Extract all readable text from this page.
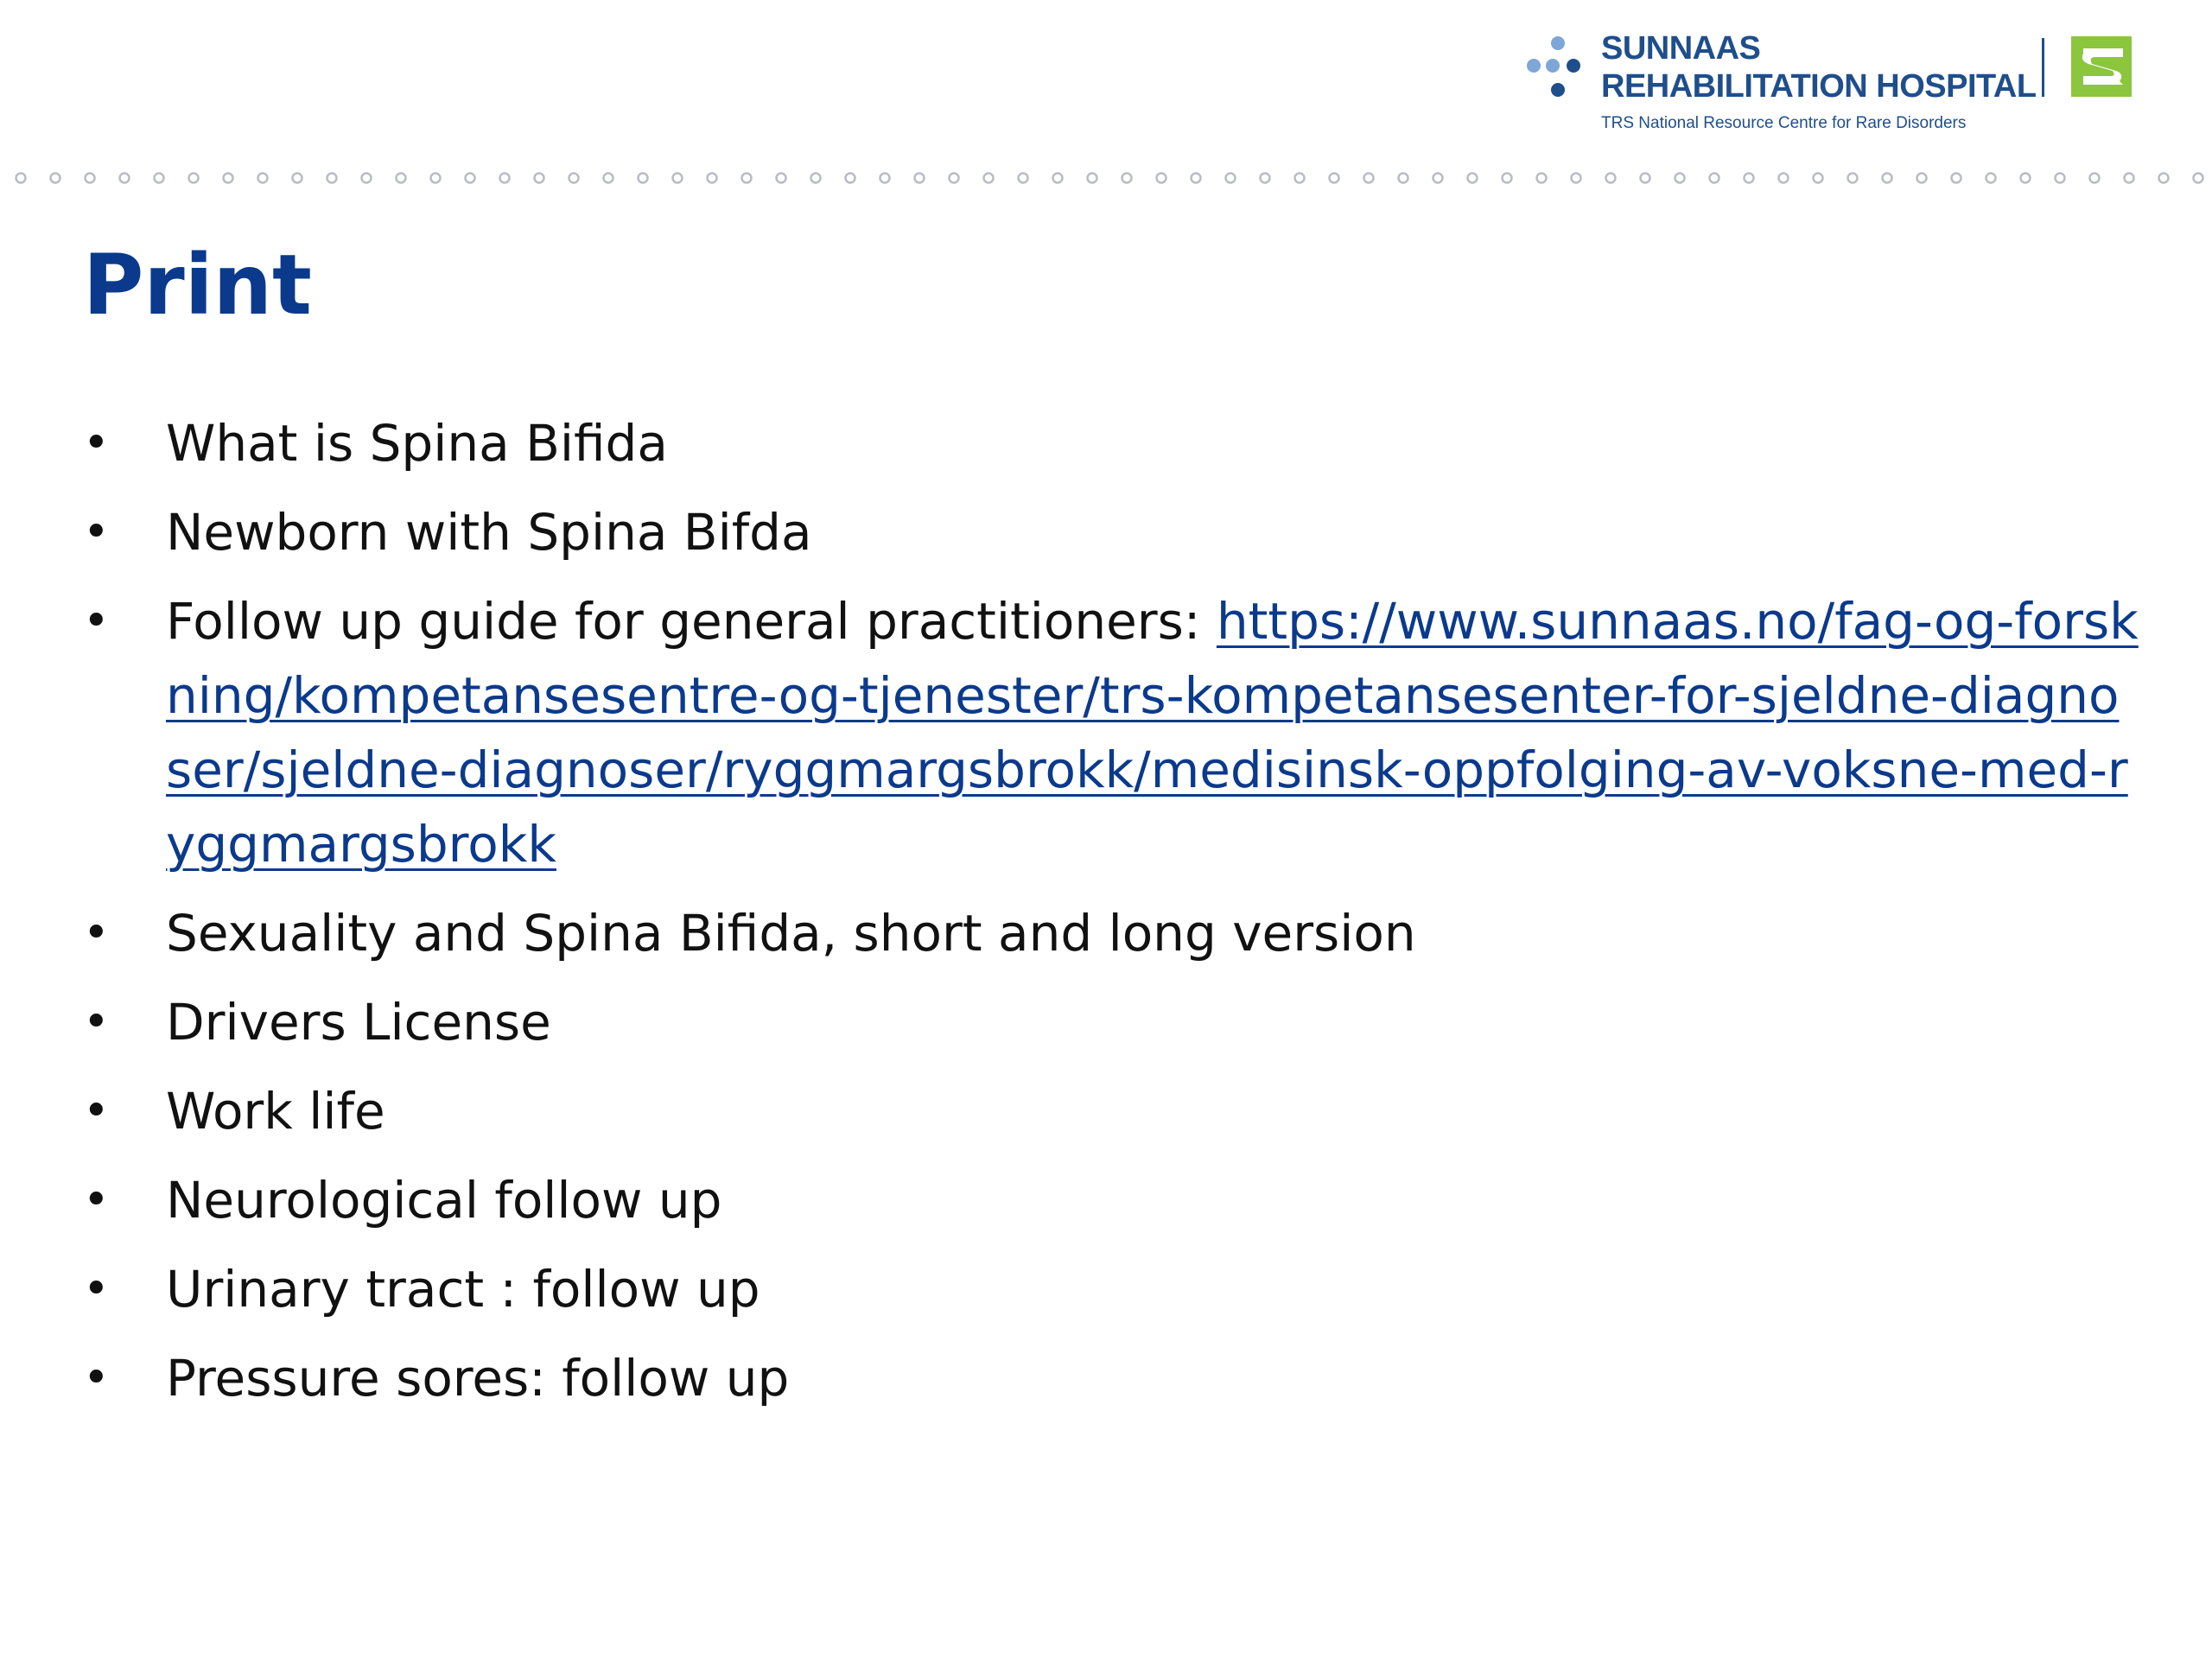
SUNNAAS
REHABILITATION HOSPITAL
TRS National Resource Centre for Rare Disorders
Print
• What is Spina Bifida
• Newborn with Spina Bifda
• Follow up guide for general practitioners: https://www.sunnaas.no/fag-og-forskning/kompetansesentre-og-tjenester/trs-kompetansesenter-for-sjeldne-diagnoser/sjeldne-diagnoser/ryggmargsbrokk/medisinsk-oppfolging-av-voksne-med-ryggmargsbrokk
• Sexuality and Spina Bifida, short and long version
• Drivers License
• Work life
• Neurological follow up
• Urinary tract : follow up
• Pressure sores: follow up
